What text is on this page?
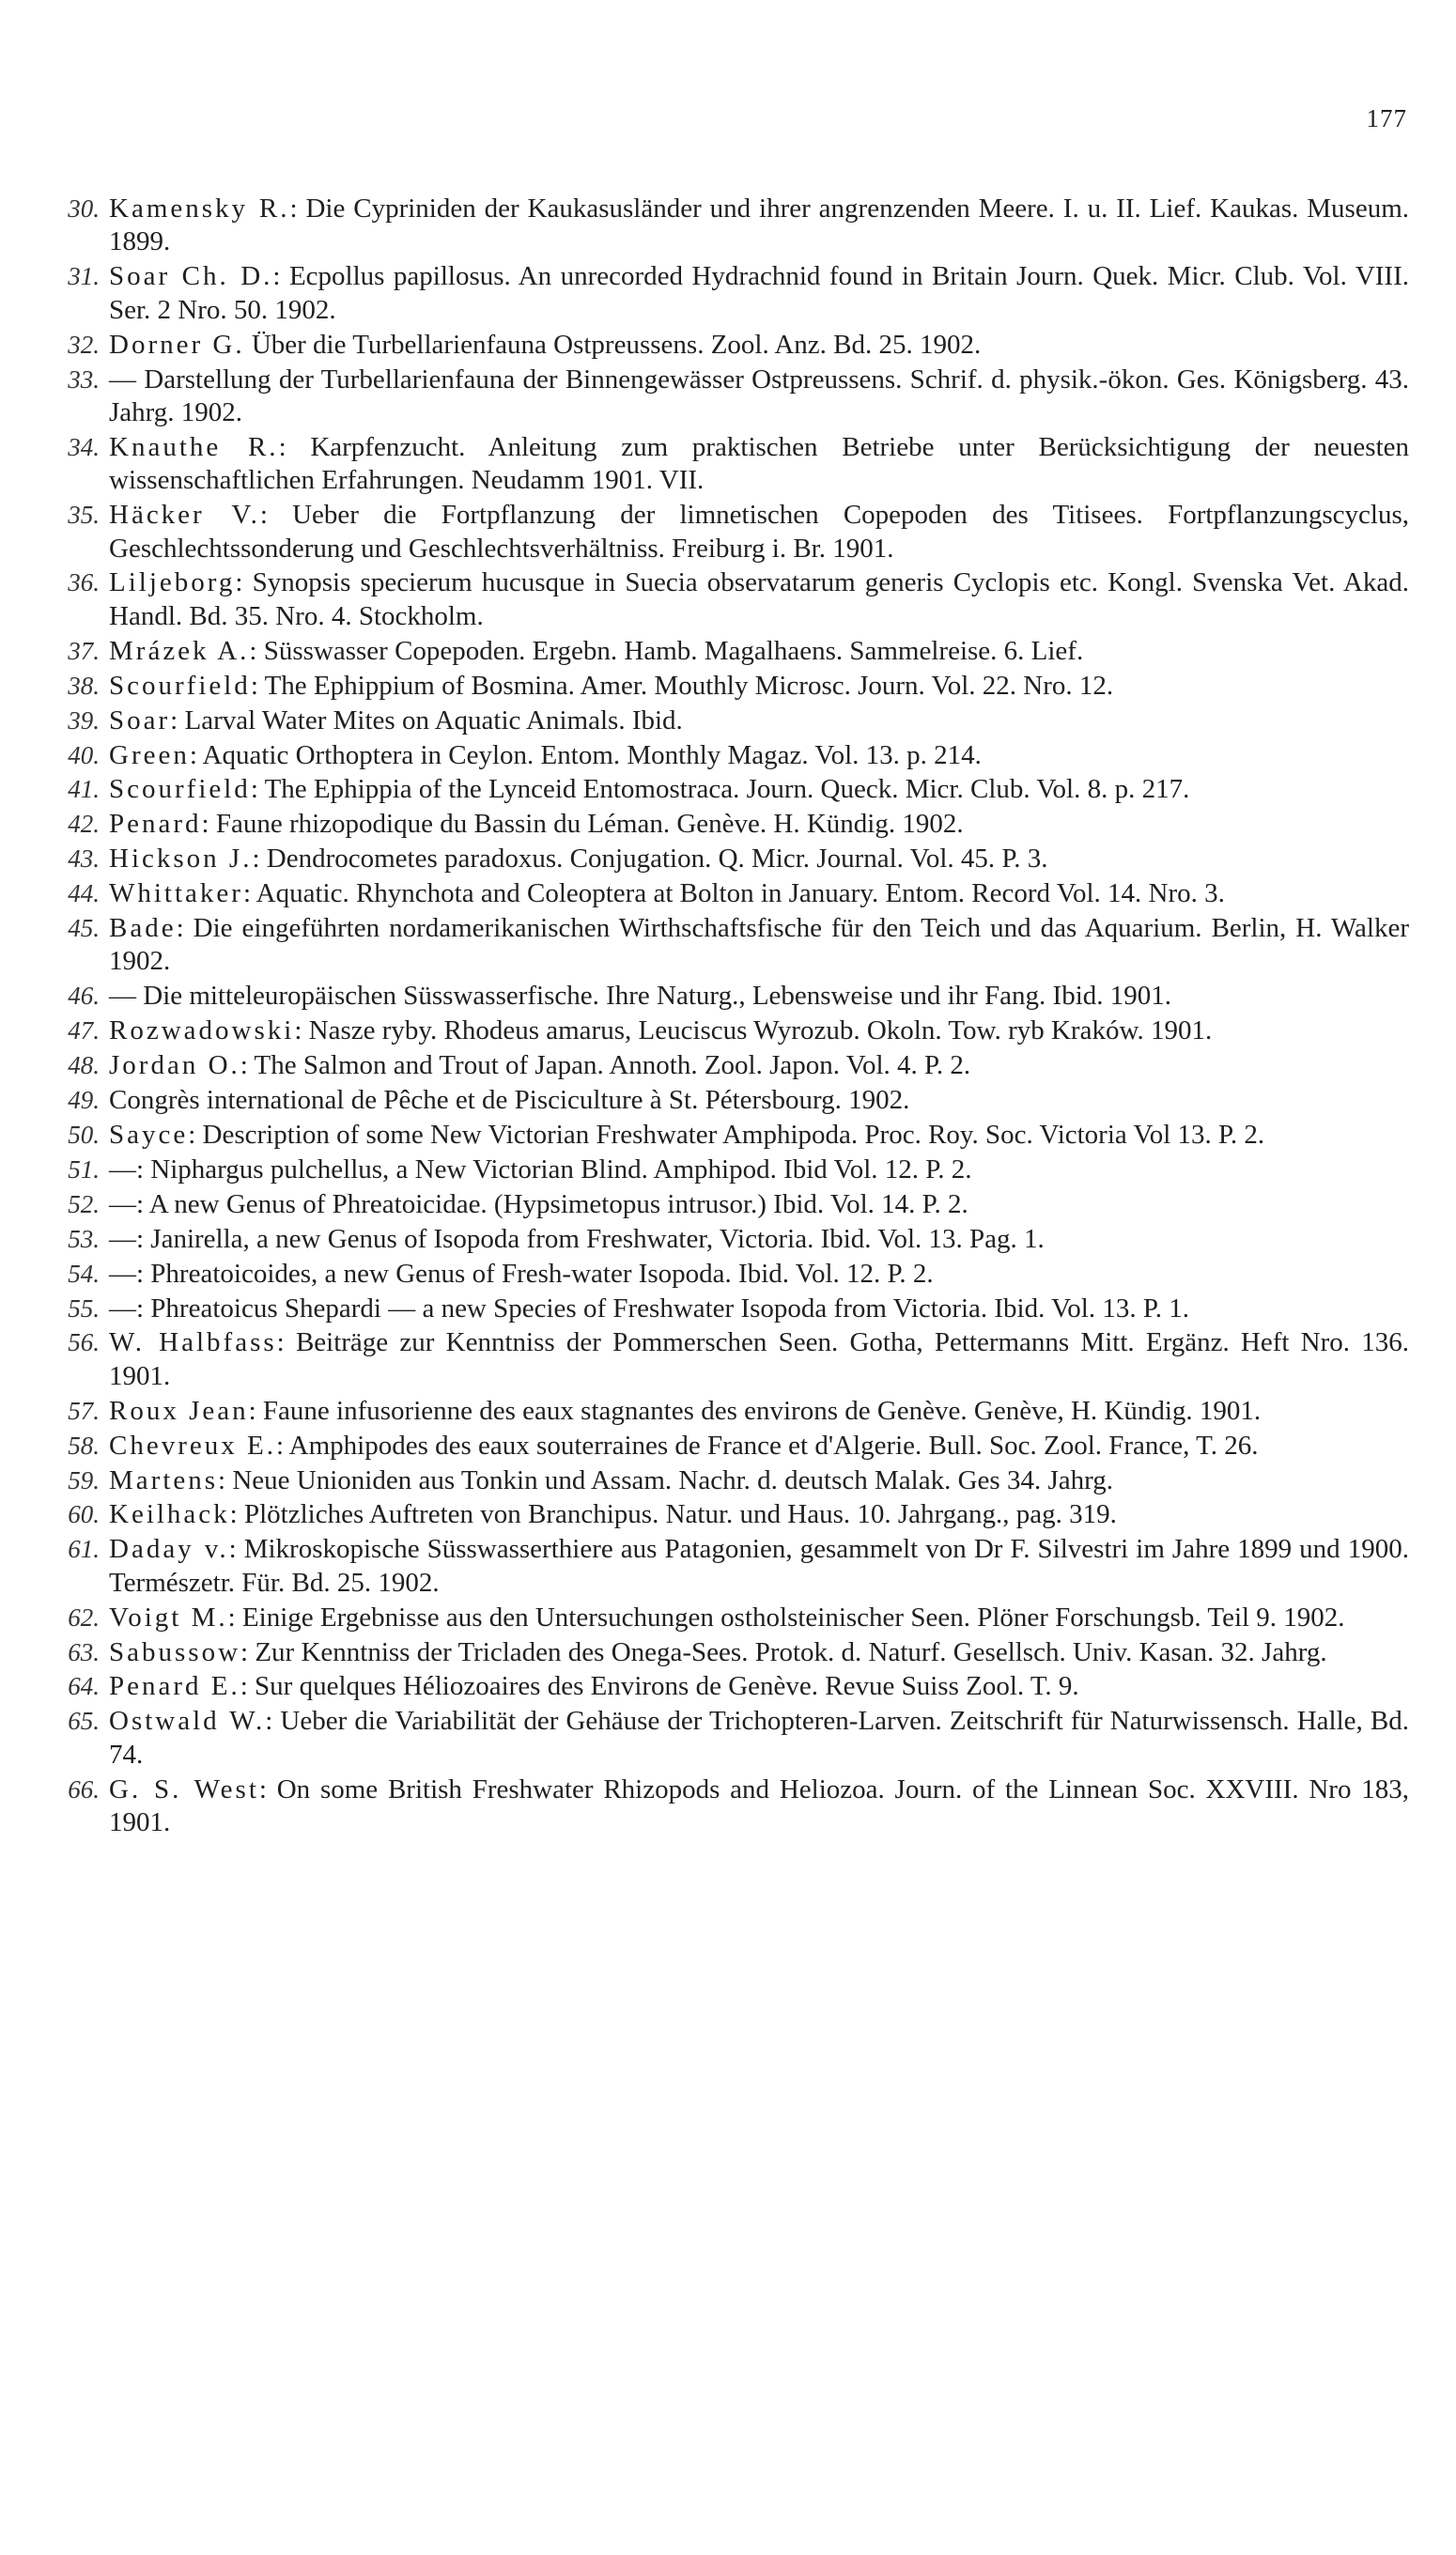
177
30. Kamensky R.: Die Cypriniden der Kaukasusländer und ihrer angrenzenden Meere. I. u. II. Lief. Kaukas. Museum. 1899.
31. Soar Ch. D.: Ecpollus papillosus. An unrecorded Hydrachnid found in Britain Journ. Quek. Micr. Club. Vol. VIII. Ser. 2 Nro. 50. 1902.
32. Dorner G. Über die Turbellarienfauna Ostpreussens. Zool. Anz. Bd. 25. 1902.
33. — Darstellung der Turbellarienfauna der Binnengewässer Ostpreussens. Schrif. d. physik.-ökon. Ges. Königsberg. 43. Jahrg. 1902.
34. Knauthe R.: Karpfenzucht. Anleitung zum praktischen Betriebe unter Berücksichtigung der neuesten wissenschaftlichen Erfahrungen. Neudamm 1901. VII.
35. Häcker V.: Ueber die Fortpflanzung der limnetischen Copepoden des Titisees. Fortpflanzungscyclus, Geschlechtssonderung und Geschlechtsverhältniss. Freiburg i. Br. 1901.
36. Liljeborg: Synopsis specierum hucusque in Suecia observatarum generis Cyclopis etc. Kongl. Svenska Vet. Akad. Handl. Bd. 35. Nro. 4. Stockholm.
37. Mrázek A.: Süsswasser Copepoden. Ergebn. Hamb. Magalhaens. Sammelreise. 6. Lief.
38. Scourfield: The Ephippium of Bosmina. Amer. Mouthly Microsc. Journ. Vol. 22. Nro. 12.
39. Soar: Larval Water Mites on Aquatic Animals. Ibid.
40. Green: Aquatic Orthoptera in Ceylon. Entom. Monthly Magaz. Vol. 13. p. 214.
41. Scourfield: The Ephippia of the Lynceid Entomostraca. Journ. Queck. Micr. Club. Vol. 8. p. 217.
42. Penard: Faune rhizopodique du Bassin du Léman. Genève. H. Kündig. 1902.
43. Hickson J.: Dendrocometes paradoxus. Conjugation. Q. Micr. Journal. Vol. 45. P. 3.
44. Whittaker: Aquatic. Rhynchota and Coleoptera at Bolton in January. Entom. Record Vol. 14. Nro. 3.
45. Bade: Die eingeführten nordamerikanischen Wirthschaftsfische für den Teich und das Aquarium. Berlin, H. Walker 1902.
46. — Die mitteleuropäischen Süsswasserfische. Ihre Naturg., Lebensweise und ihr Fang. Ibid. 1901.
47. Rozwadowski: Nasze ryby. Rhodeus amarus, Leuciscus Wyrozub. Okoln. Tow. ryb Kraków. 1901.
48. Jordan O.: The Salmon and Trout of Japan. Annoth. Zool. Japon. Vol. 4. P. 2.
49. Congrès international de Pêche et de Pisciculture à St. Pétersbourg. 1902.
50. Sayce: Description of some New Victorian Freshwater Amphipoda. Proc. Roy. Soc. Victoria Vol 13. P. 2.
51. —: Niphargus pulchellus, a New Victorian Blind. Amphipod. Ibid Vol. 12. P. 2.
52. —: A new Genus of Phreatoicidae. (Hypsimetopus intrusor.) Ibid. Vol. 14. P. 2.
53. —: Janirella, a new Genus of Isopoda from Freshwater, Victoria. Ibid. Vol. 13. Pag. 1.
54. —: Phreatoicoides, a new Genus of Fresh-water Isopoda. Ibid. Vol. 12. P. 2.
55. —: Phreatoicus Shepardi — a new Species of Freshwater Isopoda from Victoria. Ibid. Vol. 13. P. 1.
56. W. Halbfass: Beiträge zur Kenntniss der Pommerschen Seen. Gotha, Pettermanns Mitt. Ergänz. Heft Nro. 136. 1901.
57. Roux Jean: Faune infusorienne des eaux stagnantes des environs de Genève. Genève, H. Kündig. 1901.
58. Chevreux E.: Amphipodes des eaux souterraines de France et d'Algerie. Bull. Soc. Zool. France, T. 26.
59. Martens: Neue Unioniden aus Tonkin und Assam. Nachr. d. deutsch Malak. Ges 34. Jahrg.
60. Keilhack: Plötzliches Auftreten von Branchipus. Natur. und Haus. 10. Jahrgang., pag. 319.
61. Daday v.: Mikroskopische Süsswasserthiere aus Patagonien, gesammelt von Dr F. Silvestri im Jahre 1899 und 1900. Természetr. Für. Bd. 25. 1902.
62. Voigt M.: Einige Ergebnisse aus den Untersuchungen ostholsteinischer Seen. Plöner Forschungsb. Teil 9. 1902.
63. Sabussow: Zur Kenntniss der Tricladen des Onega-Sees. Protok. d. Naturf. Gesellsch. Univ. Kasan. 32. Jahrg.
64. Penard E.: Sur quelques Héliozoaires des Environs de Genève. Revue Suiss Zool. T. 9.
65. Ostwald W.: Ueber die Variabilität der Gehäuse der Trichopteren-Larven. Zeitschrift für Naturwissensch. Halle, Bd. 74.
66. G. S. West: On some British Freshwater Rhizopods and Heliozoa. Journ. of the Linnean Soc. XXVIII. Nro 183, 1901.
